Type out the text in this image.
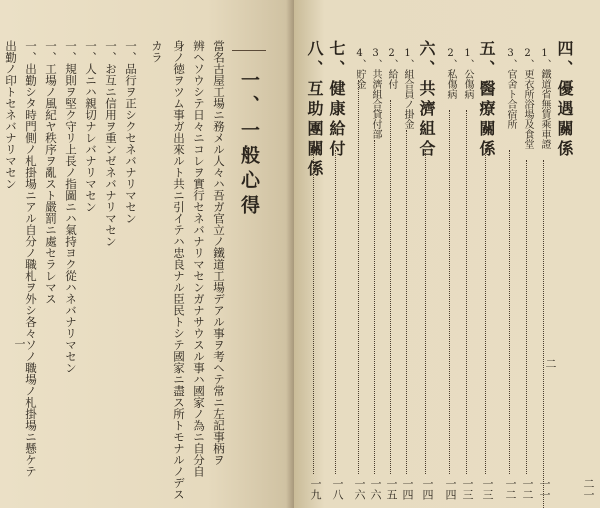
一、一般心得
當名古屋工場ニ務メル人々ハ吾ガ官立ノ鐵道工場デアル事ヲ考ヘテ常ニ左記事柄ヲ
辨ヘソウシテ日々ニコレヲ實行セネバナリマセンガナサウスル事ハ國家ノ為ニ自分自
身ノ徳ヲツム事ガ出來ルト共ニ引イテハ忠良ナル臣民トシテ國家ニ盡ス所トモナルノデス
カラ
一、品行ヲ正シクセネバナリマセン
一、お互ニ信用ヲ重ンゼネバナリマセン
一、人ニハ親切ナレバナリマセン
一、規則ヲ堅ク守リ上長ノ指圖ニハ氣持ヨク從ハネバナリマセン
一、工場ノ風紀ヤ秩序ヲ亂スト嚴罰ニ處セラレマス
一、出勤シタ時門側ノ札掛場ニアル自分ノ職札ヲ外シ各々ソノ職場ノ札掛場ニ懸ケテ
出勤ノ印トセネバナリマセン
一
四、優遇關係
1、鐵道省無賃乘車證
一一
2、更衣所浴場及食堂
一二
3、官舍ト合宿所
一二
五、醫療關係
一三
1、公傷病
一三
2、私傷病
一四
六、共濟組合
一四
1、組合員ノ掛金
一四
2、給付
一五
3、共濟組合貸付部
一六
4、貯金
一六
七、健康給付
一八
八、互助團關係
一九	二一
二
